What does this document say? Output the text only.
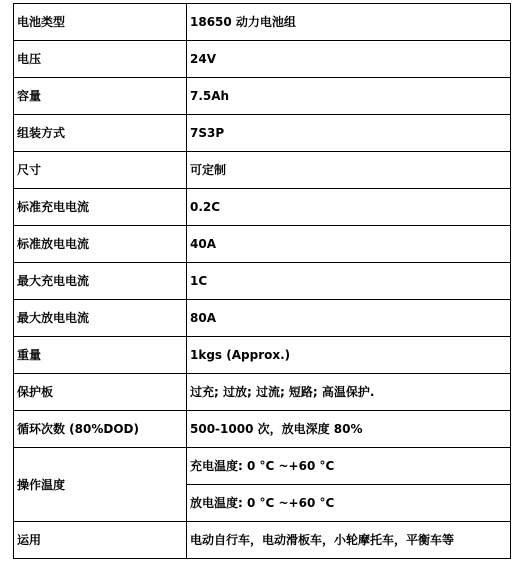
电池类型	18650 动力电池组
电压	24V
容量	7.5Ah
组装方式	7S3P
尺寸	可定制
标准充电电流	0.2C
标准放电电流	40A
最大充电电流	1C
最大放电电流	80A
重量	1kgs (Approx.)
保护板	过充; 过放; 过流; 短路; 高温保护.
循环次数 (80%DOD)	500-1000 次，放电深度 80%
操作温度	充电温度: 0 °C ~+60 °C
	放电温度: 0 °C ~+60 °C
运用	电动自行车，电动滑板车，小轮摩托车，平衡车等
